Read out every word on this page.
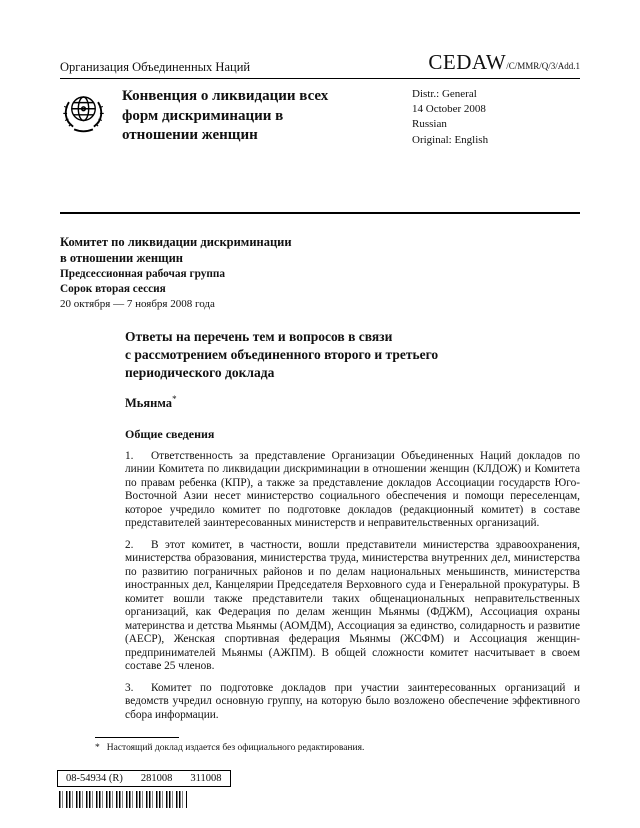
Организация Объединенных Наций	CEDAW/C/MMR/Q/3/Add.1
Конвенция о ликвидации всех
форм дискриминации в
отношении женщин
Distr.: General
14 October 2008
Russian
Original: English
Комитет по ликвидации дискриминации
в отношении женщин
Предсессионная рабочая группа
Сорок вторая сессия
20 октября — 7 ноября 2008 года
Ответы на перечень тем и вопросов в связи
с рассмотрением объединенного второго и третьего
периодического доклада
Мьянма*
Общие сведения

1. Ответственность за представление Организации Объединенных Наций докладов по линии Комитета по ликвидации дискриминации в отношении женщин (КЛДОЖ) и Комитета по правам ребенка (КПР), а также за представление докладов Ассоциации государств Юго-Восточной Азии несет министерство социального обеспечения и помощи переселенцам, которое учредило комитет по подготовке докладов (редакционный комитет) в составе представителей заинтересованных министерств и неправительственных организаций.

2. В этот комитет, в частности, вошли представители министерства здравоохранения, министерства образования, министерства труда, министерства внутренних дел, министерства по развитию пограничных районов и по делам национальных меньшинств, министерства иностранных дел, Канцелярии Председателя Верховного суда и Генеральной прокуратуры. В комитет вошли также представители таких общенациональных неправительственных организаций, как Федерация по делам женщин Мьянмы (ФДЖМ), Ассоциация охраны материнства и детства Мьянмы (АОМДМ), Ассоциация за единство, солидарность и развитие (АЕСР), Женская спортивная федерация Мьянмы (ЖСФМ) и Ассоциация женщин-предпринимателей Мьянмы (АЖПМ). В общей сложности комитет насчитывает в своем составе 25 членов.

3. Комитет по подготовке докладов при участии заинтересованных организаций и ведомств учредил основную группу, на которую было возложено обеспечение эффективного сбора информации.

* Настоящий доклад издается без официального редактирования.
08-54934 (R) 281008 311008
